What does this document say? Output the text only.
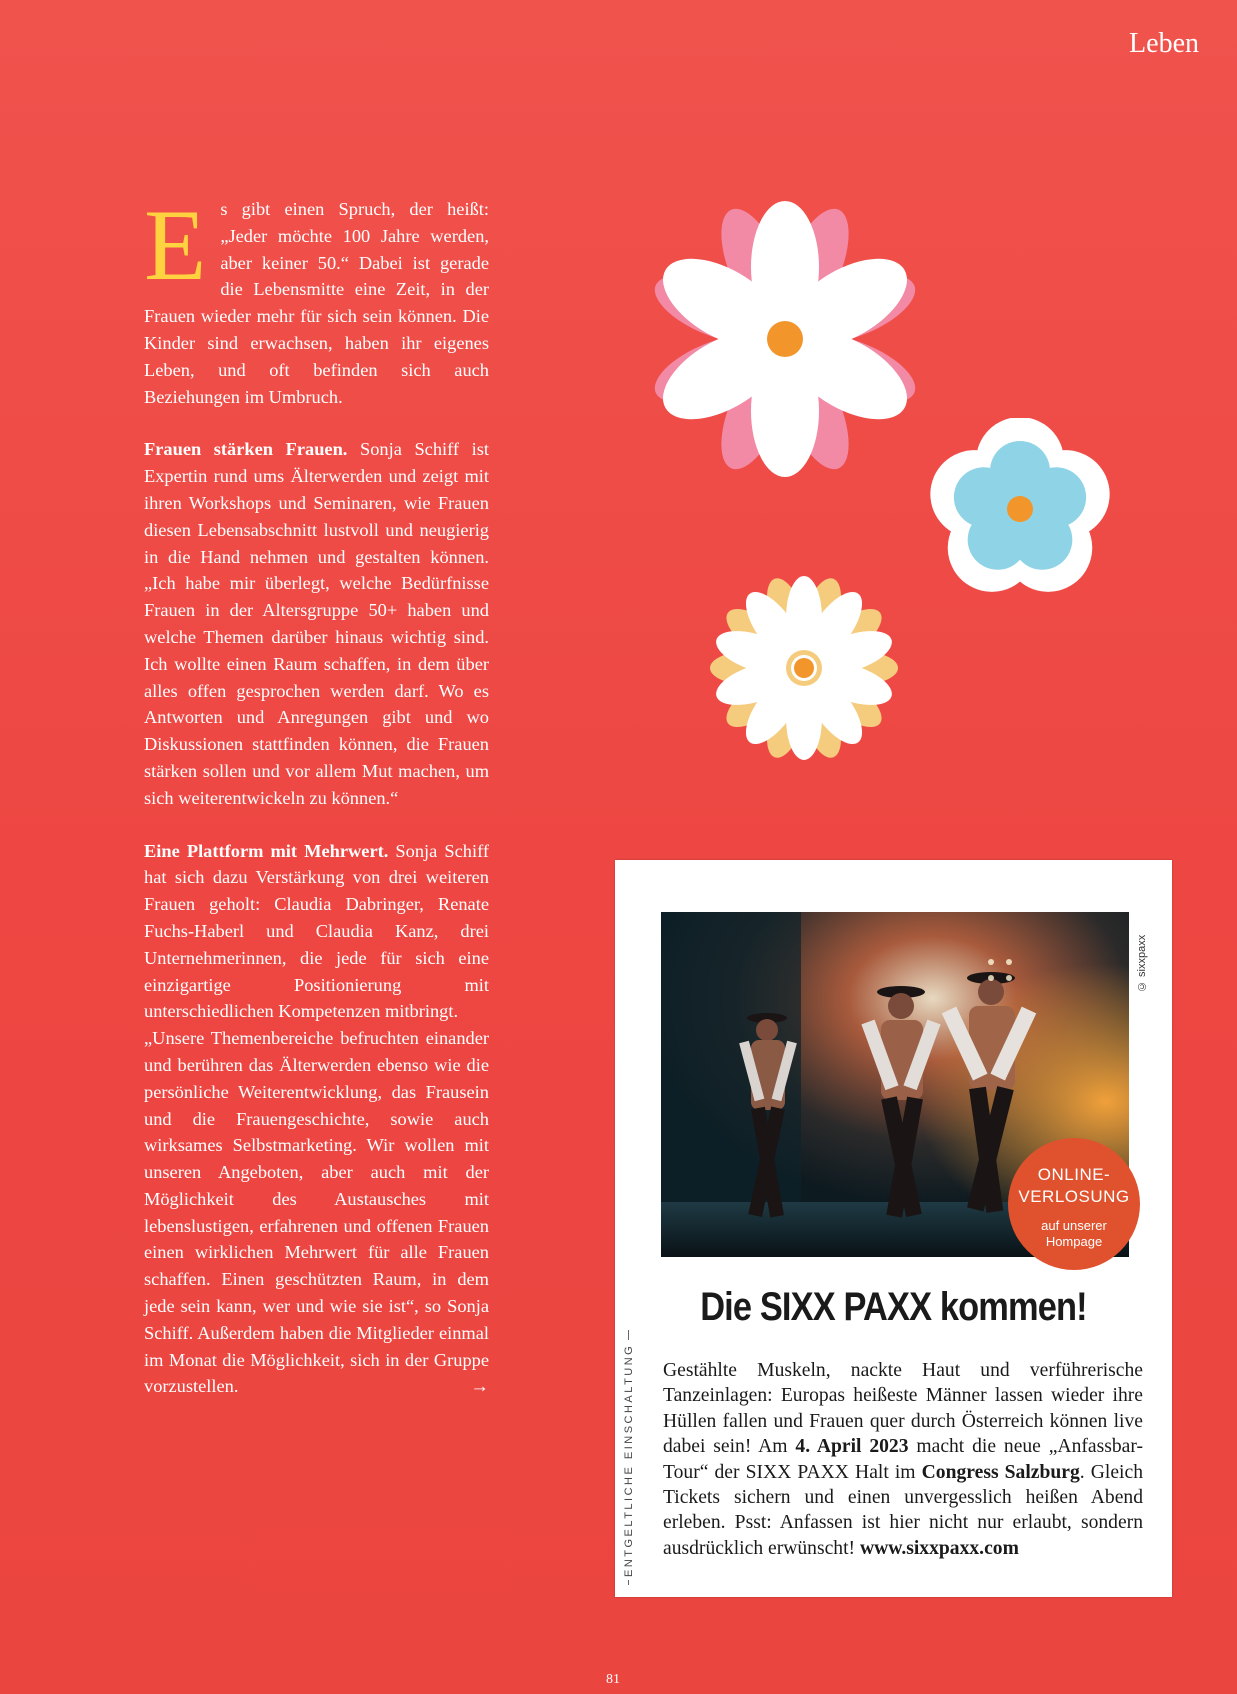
Leben

Es gibt einen Spruch, der heißt: „Jeder möchte 100 Jahre werden, aber keiner 50.“ Dabei ist gerade die Lebensmitte eine Zeit, in der Frauen wieder mehr für sich sein können. Die Kinder sind erwachsen, haben ihr eigenes Leben, und oft befinden sich auch Beziehungen im Umbruch.

Frauen stärken Frauen. Sonja Schiff ist Expertin rund ums Älterwerden und zeigt mit ihren Workshops und Seminaren, wie Frauen diesen Lebensabschnitt lustvoll und neugierig in die Hand nehmen und gestalten können. „Ich habe mir überlegt, welche Bedürfnisse Frauen in der Altersgruppe 50+ haben und welche Themen darüber hinaus wichtig sind. Ich wollte einen Raum schaffen, in dem über alles offen gesprochen werden darf. Wo es Antworten und Anregungen gibt und wo Diskussionen stattfinden können, die Frauen stärken sollen und vor allem Mut machen, um sich weiterentwickeln zu können.“

Eine Plattform mit Mehrwert. Sonja Schiff hat sich dazu Verstärkung von drei weiteren Frauen geholt: Claudia Dabringer, Renate Fuchs-Haberl und Claudia Kanz, drei Unternehmerinnen, die jede für sich eine einzigartige Positionierung mit unterschiedlichen Kompetenzen mitbringt.

„Unsere Themenbereiche befruchten einander und berühren das Älterwerden ebenso wie die persönliche Weiterentwicklung, das Frausein und die Frauengeschichte, sowie auch wirksames Selbstmarketing. Wir wollen mit unseren Angeboten, aber auch mit der Möglichkeit des Austausches mit lebenslustigen, erfahrenen und offenen Frauen einen wirklichen Mehrwert für alle Frauen schaffen. Einen geschützten Raum, in dem jede sein kann, wer und wie sie ist“, so Sonja Schiff. Außerdem haben die Mitglieder einmal im Monat die Möglichkeit, sich in der Gruppe vorzustellen.	→

© sixxpaxx
ONLINE-
VERLOSUNG
auf unserer
Hompage
Die SIXX PAXX kommen!
ENTGELTLICHE EINSCHALTUNG	Gestählte Muskeln, nackte Haut und verführerische Tanzeinlagen: Europas heißeste Männer lassen wieder ihre Hüllen fallen und Frauen quer durch Österreich können live dabei sein! Am 4. April 2023 macht die neue „Anfassbar-Tour“ der SIXX PAXX Halt im Congress Salzburg. Gleich Tickets sichern und einen unvergesslich heißen Abend erleben. Psst: Anfassen ist hier nicht nur erlaubt, sondern ausdrücklich erwünscht! www.sixxpaxx.com
81
